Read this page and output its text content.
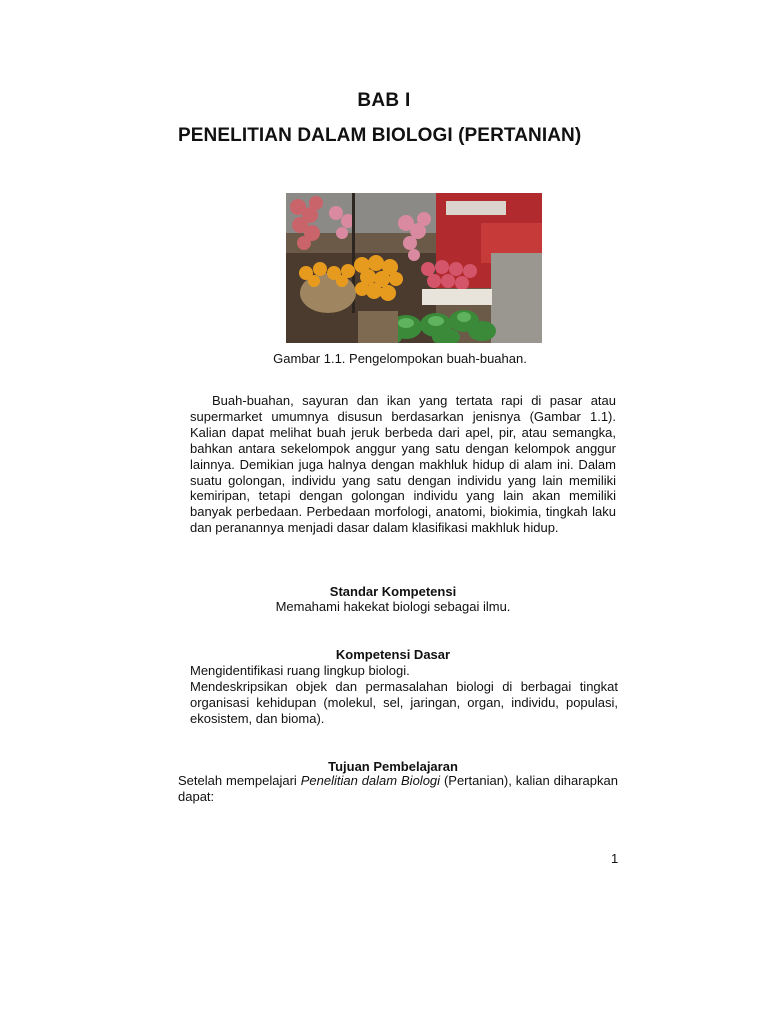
BAB I
PENELITIAN DALAM BIOLOGI (PERTANIAN)
Gambar 1.1. Pengelompokan buah-buahan.
Buah-buahan, sayuran dan ikan yang tertata rapi di pasar atau supermarket umumnya disusun berdasarkan jenisnya (Gambar 1.1). Kalian dapat melihat buah jeruk berbeda dari apel, pir, atau semangka, bahkan antara sekelompok anggur yang satu dengan kelompok anggur lainnya. Demikian juga halnya dengan makhluk hidup di alam ini. Dalam suatu golongan, individu yang satu dengan individu yang lain memiliki kemiripan, tetapi dengan golongan individu yang lain akan memiliki banyak perbedaan. Perbedaan morfologi, anatomi, biokimia, tingkah laku dan peranannya menjadi dasar dalam klasifikasi makhluk hidup.
Standar Kompetensi
Memahami hakekat biologi sebagai ilmu.
Kompetensi Dasar
Mengidentifikasi ruang lingkup biologi.
Mendeskripsikan objek dan permasalahan biologi di berbagai tingkat organisasi kehidupan (molekul, sel, jaringan, organ, individu, populasi, ekosistem, dan bioma).
Tujuan Pembelajaran
Setelah mempelajari Penelitian dalam Biologi (Pertanian), kalian diharapkan dapat:
1
